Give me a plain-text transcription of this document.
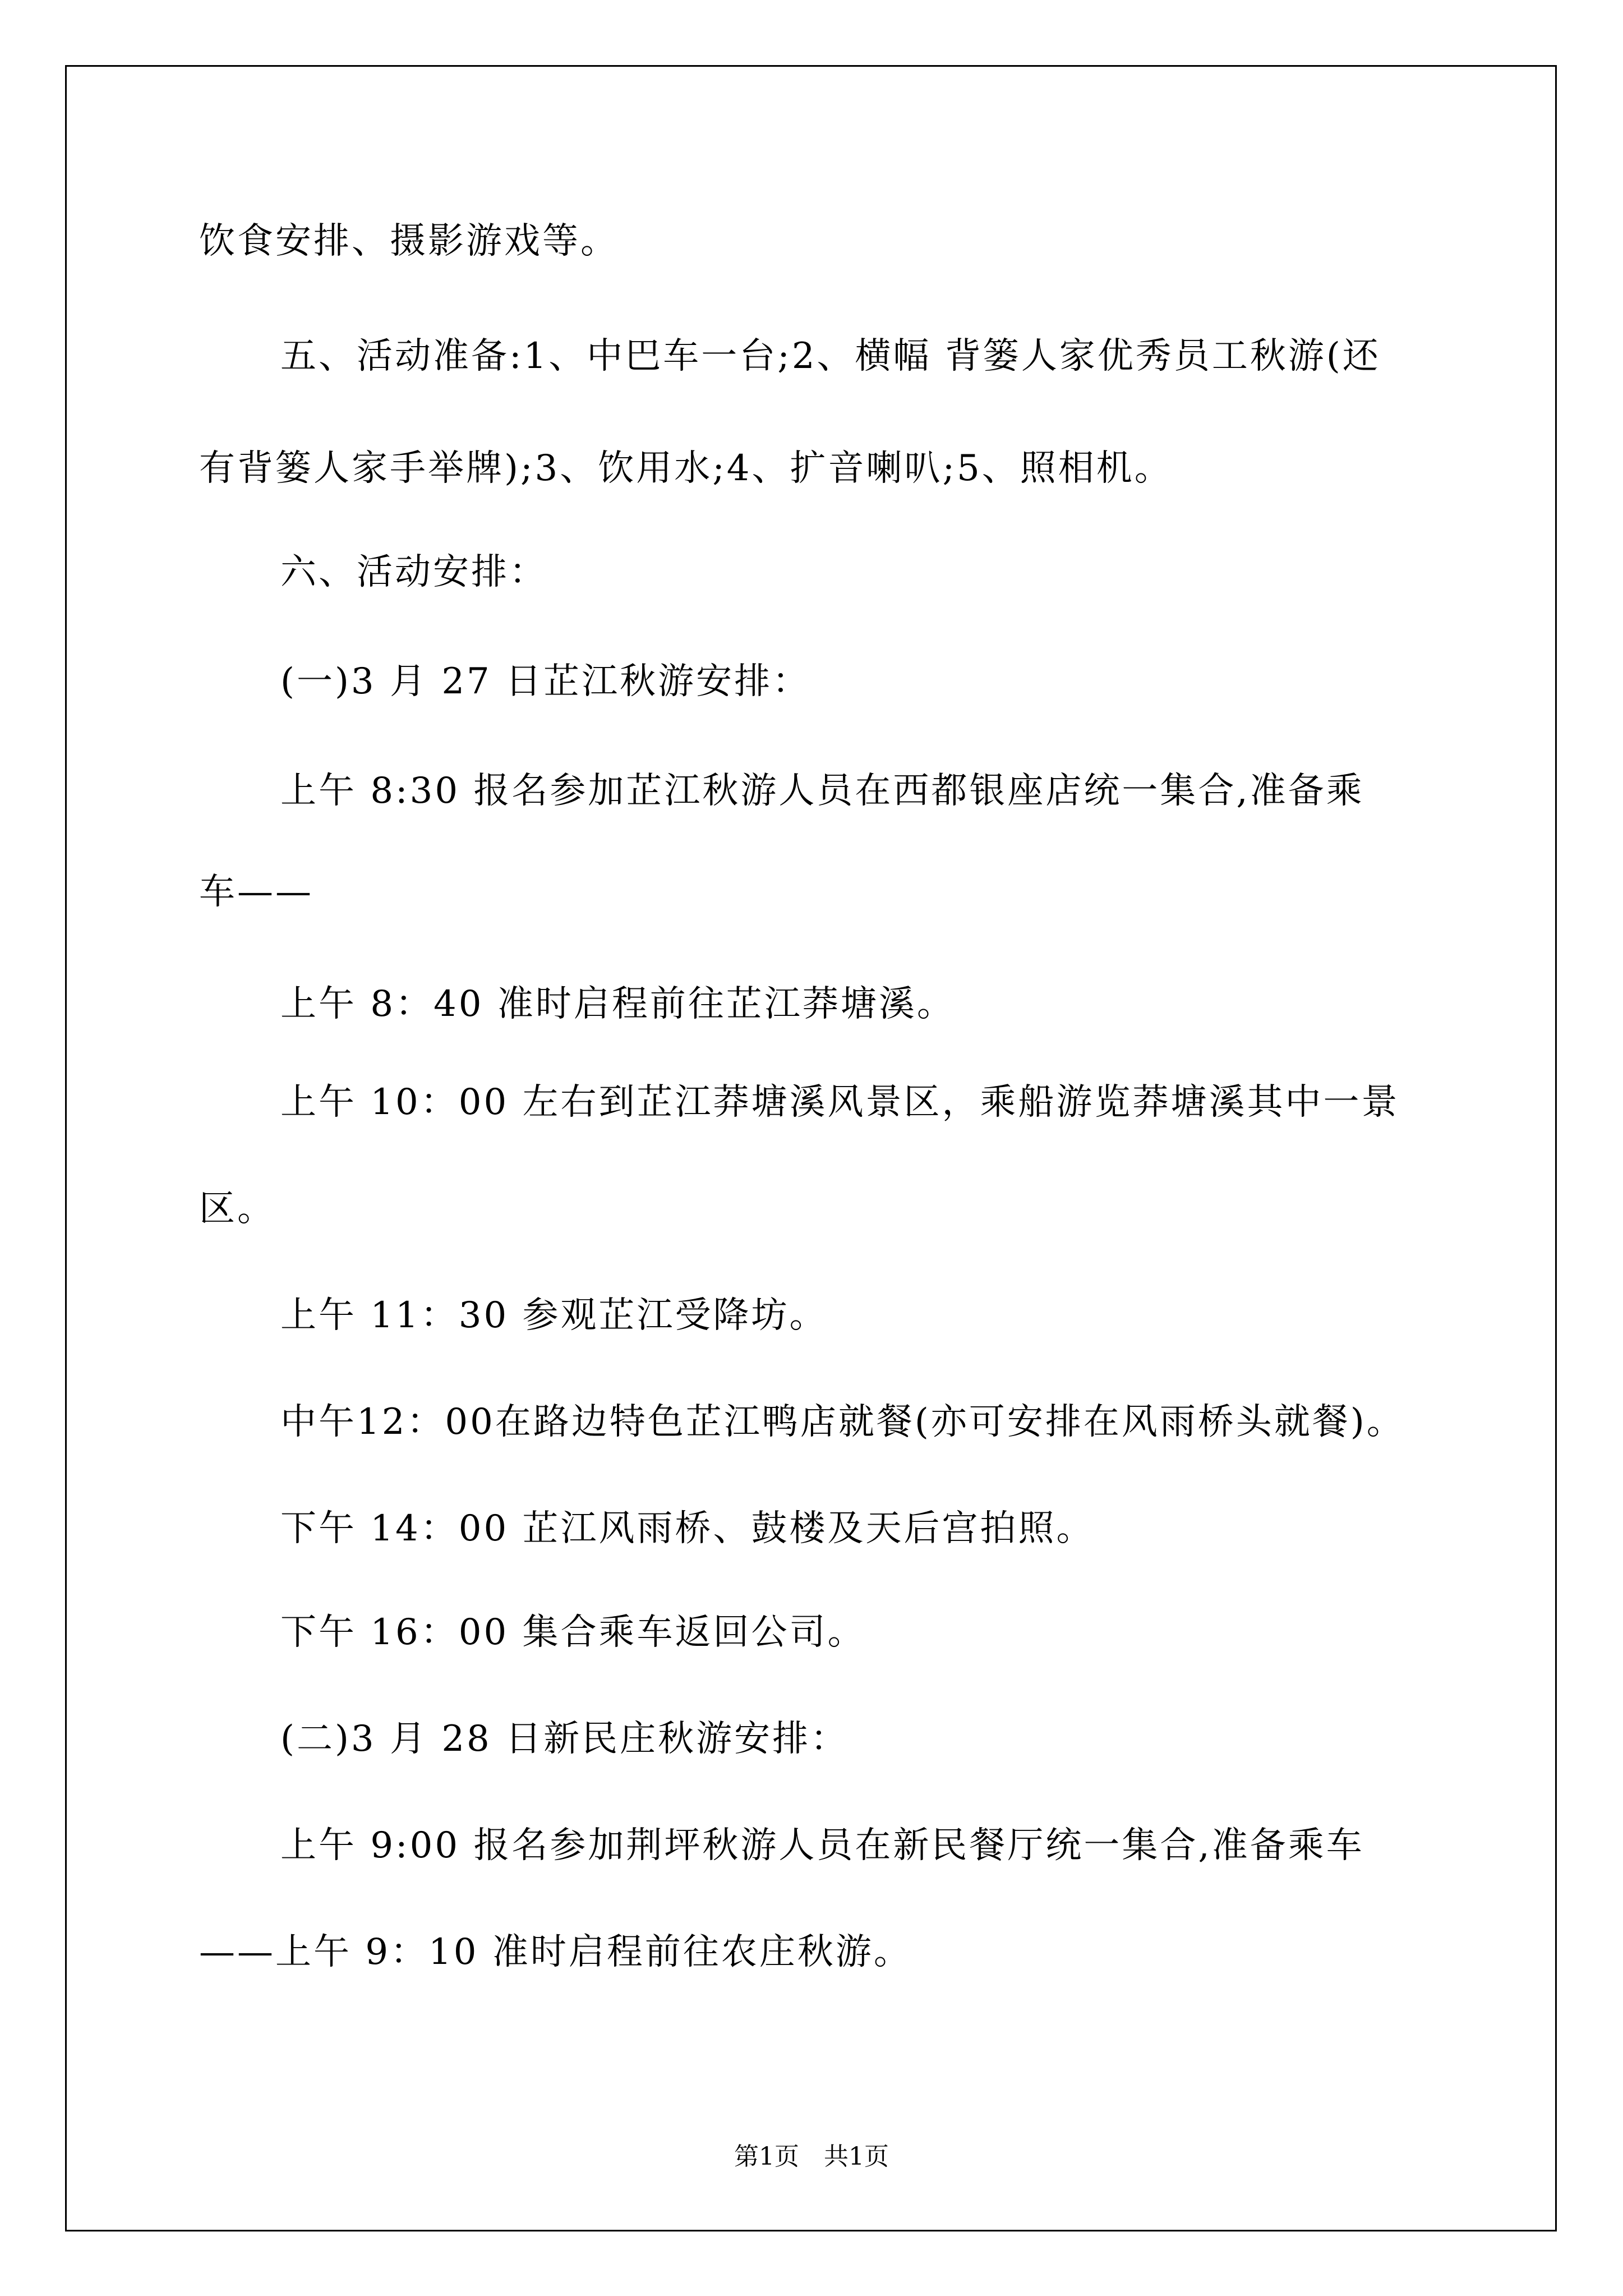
饮食安排、摄影游戏等。
五、活动准备:1、中巴车一台;2、横幅 背篓人家优秀员工秋游(还
有背篓人家手举牌);3、饮用水;4、扩音喇叭;5、照相机。
六、活动安排：
(一)3 月 27 日芷江秋游安排：
上午 8:30 报名参加芷江秋游人员在西都银座店统一集合,准备乘
车——
上午 8：40 准时启程前往芷江莽塘溪。
上午 10：00 左右到芷江莽塘溪风景区，乘船游览莽塘溪其中一景
区。
上午 11：30 参观芷江受降坊。
中午12：00在路边特色芷江鸭店就餐(亦可安排在风雨桥头就餐)。
下午 14：00 芷江风雨桥、鼓楼及天后宫拍照。
下午 16：00 集合乘车返回公司。
(二)3 月 28 日新民庄秋游安排：
上午 9:00 报名参加荆坪秋游人员在新民餐厅统一集合,准备乘车
——上午 9：10 准时启程前往农庄秋游。
第1页　共1页
